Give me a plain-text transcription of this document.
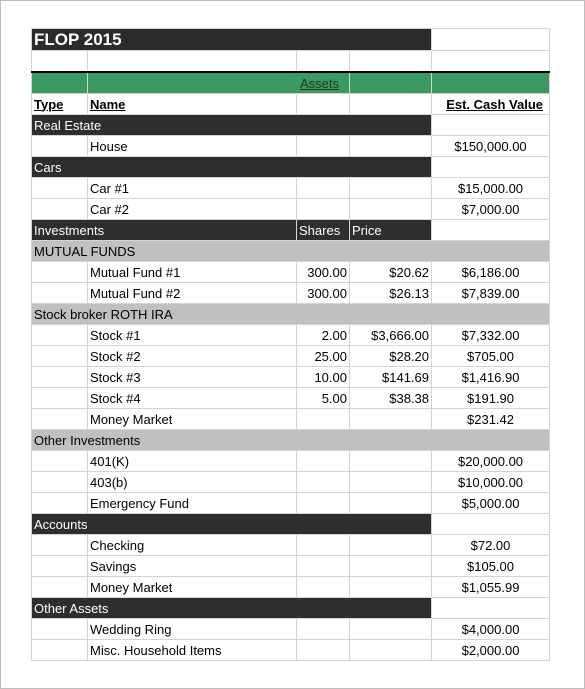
FLOP 2015				

	Assets			
Type	Name			Est. Cash Value
Real Estate				
	House			$150,000.00
Cars				
	Car #1			$15,000.00
	Car #2			$7,000.00
Investments		Shares	Price	
MUTUAL FUNDS				
	Mutual Fund #1	300.00	$20.62	$6,186.00
	Mutual Fund #2	300.00	$26.13	$7,839.00
Stock broker ROTH IRA				
	Stock #1	2.00	$3,666.00	$7,332.00
	Stock #2	25.00	$28.20	$705.00
	Stock #3	10.00	$141.69	$1,416.90
	Stock #4	5.00	$38.38	$191.90
	Money Market			$231.42
Other Investments				
	401(K)			$20,000.00
	403(b)			$10,000.00
	Emergency Fund			$5,000.00
Accounts				
	Checking			$72.00
	Savings			$105.00
	Money Market			$1,055.99
Other Assets				
	Wedding Ring			$4,000.00
	Misc. Household Items			$2,000.00
